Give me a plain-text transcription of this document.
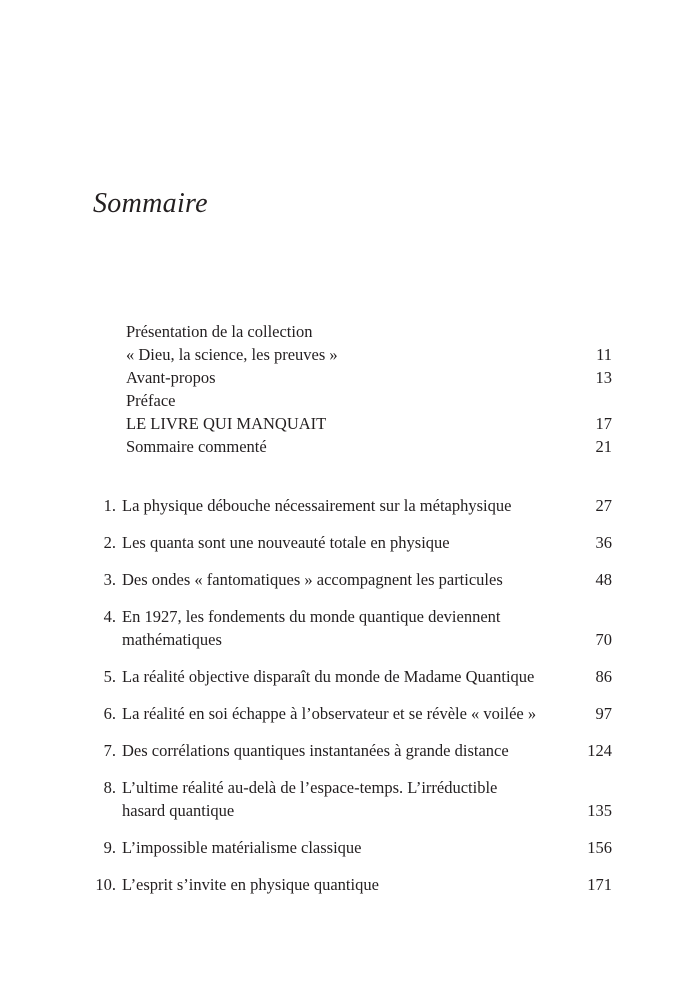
Sommaire
Présentation de la collection
« Dieu, la science, les preuves »	11
Avant-propos	13
Préface
LE LIVRE QUI MANQUAIT	17
Sommaire commenté	21
1. La physique débouche nécessairement sur la métaphysique	27
2. Les quanta sont une nouveauté totale en physique	36
3. Des ondes « fantomatiques » accompagnent les particules	48
4. En 1927, les fondements du monde quantique deviennent
mathématiques	70
5. La réalité objective disparaît du monde de Madame Quantique	86
6. La réalité en soi échappe à l’observateur et se révèle « voilée »	97
7. Des corrélations quantiques instantanées à grande distance	124
8. L’ultime réalité au-delà de l’espace-temps. L’irréductible
hasard quantique	135
9. L’impossible matérialisme classique	156
10. L’esprit s’invite en physique quantique	171
